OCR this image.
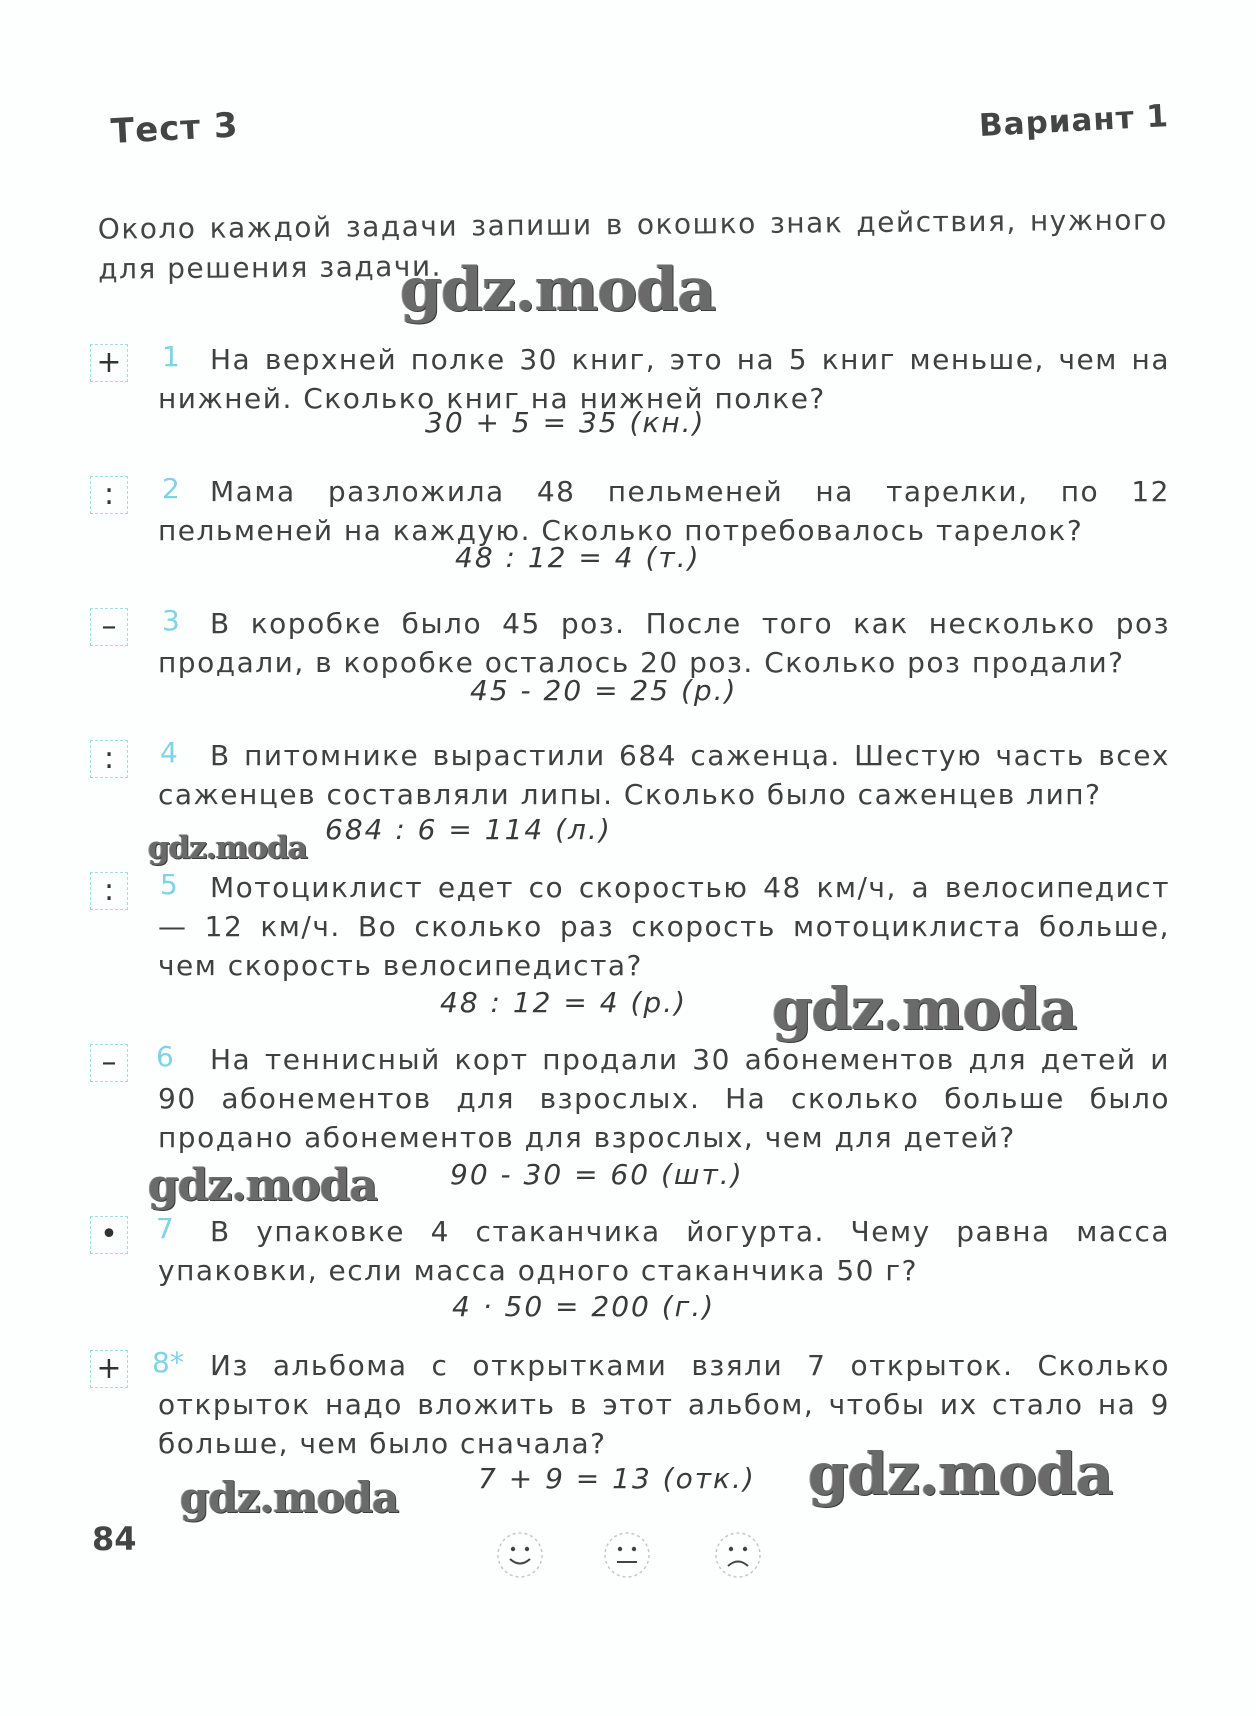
Тест 3	Вариант 1
Около каждой задачи запиши в окошко знак действия, нужного для решения задачи.
gdz.moda
gdz.moda
gdz.moda
gdz.moda
gdz.moda
gdz.moda
+ 1	На верхней полке 30 книг, это на 5 книг меньше, чем на нижней. Сколько книг на нижней полке?
30 + 5 = 35 (кн.)
:	2	Мама разложила 48 пельменей на тарелки, по 12 пельменей на каждую. Сколько потребовалось тарелок?
48 : 12 = 4 (т.)
–	3	В коробке было 45 роз. После того как несколько роз продали, в коробке осталось 20 роз. Сколько роз продали?
45 - 20 = 25 (р.)
:	4	В питомнике вырастили 684 саженца. Шестую часть всех саженцев составляли липы. Сколько было саженцев лип?
684 : 6 = 114 (л.)
:	5	Мотоциклист едет со скоростью 48 км/ч, а велосипедист — 12 км/ч. Во сколько раз скорость мотоциклиста больше, чем скорость велосипедиста?
48 : 12 = 4 (р.)
–	6	На теннисный корт продали 30 абонементов для детей и 90 абонементов для взрослых. На сколько больше было продано абонементов для взрослых, чем для детей?
90 - 30 = 60 (шт.)
•	7	В упаковке 4 стаканчика йогурта. Чему равна масса упаковки, если масса одного стаканчика 50 г?
4 · 50 = 200 (г.)
+ 8* Из альбома с открытками взяли 7 открыток. Сколько открыток надо вложить в этот альбом, чтобы их стало на 9 больше, чем было сначала?
7 + 9 = 13 (отк.)
84
